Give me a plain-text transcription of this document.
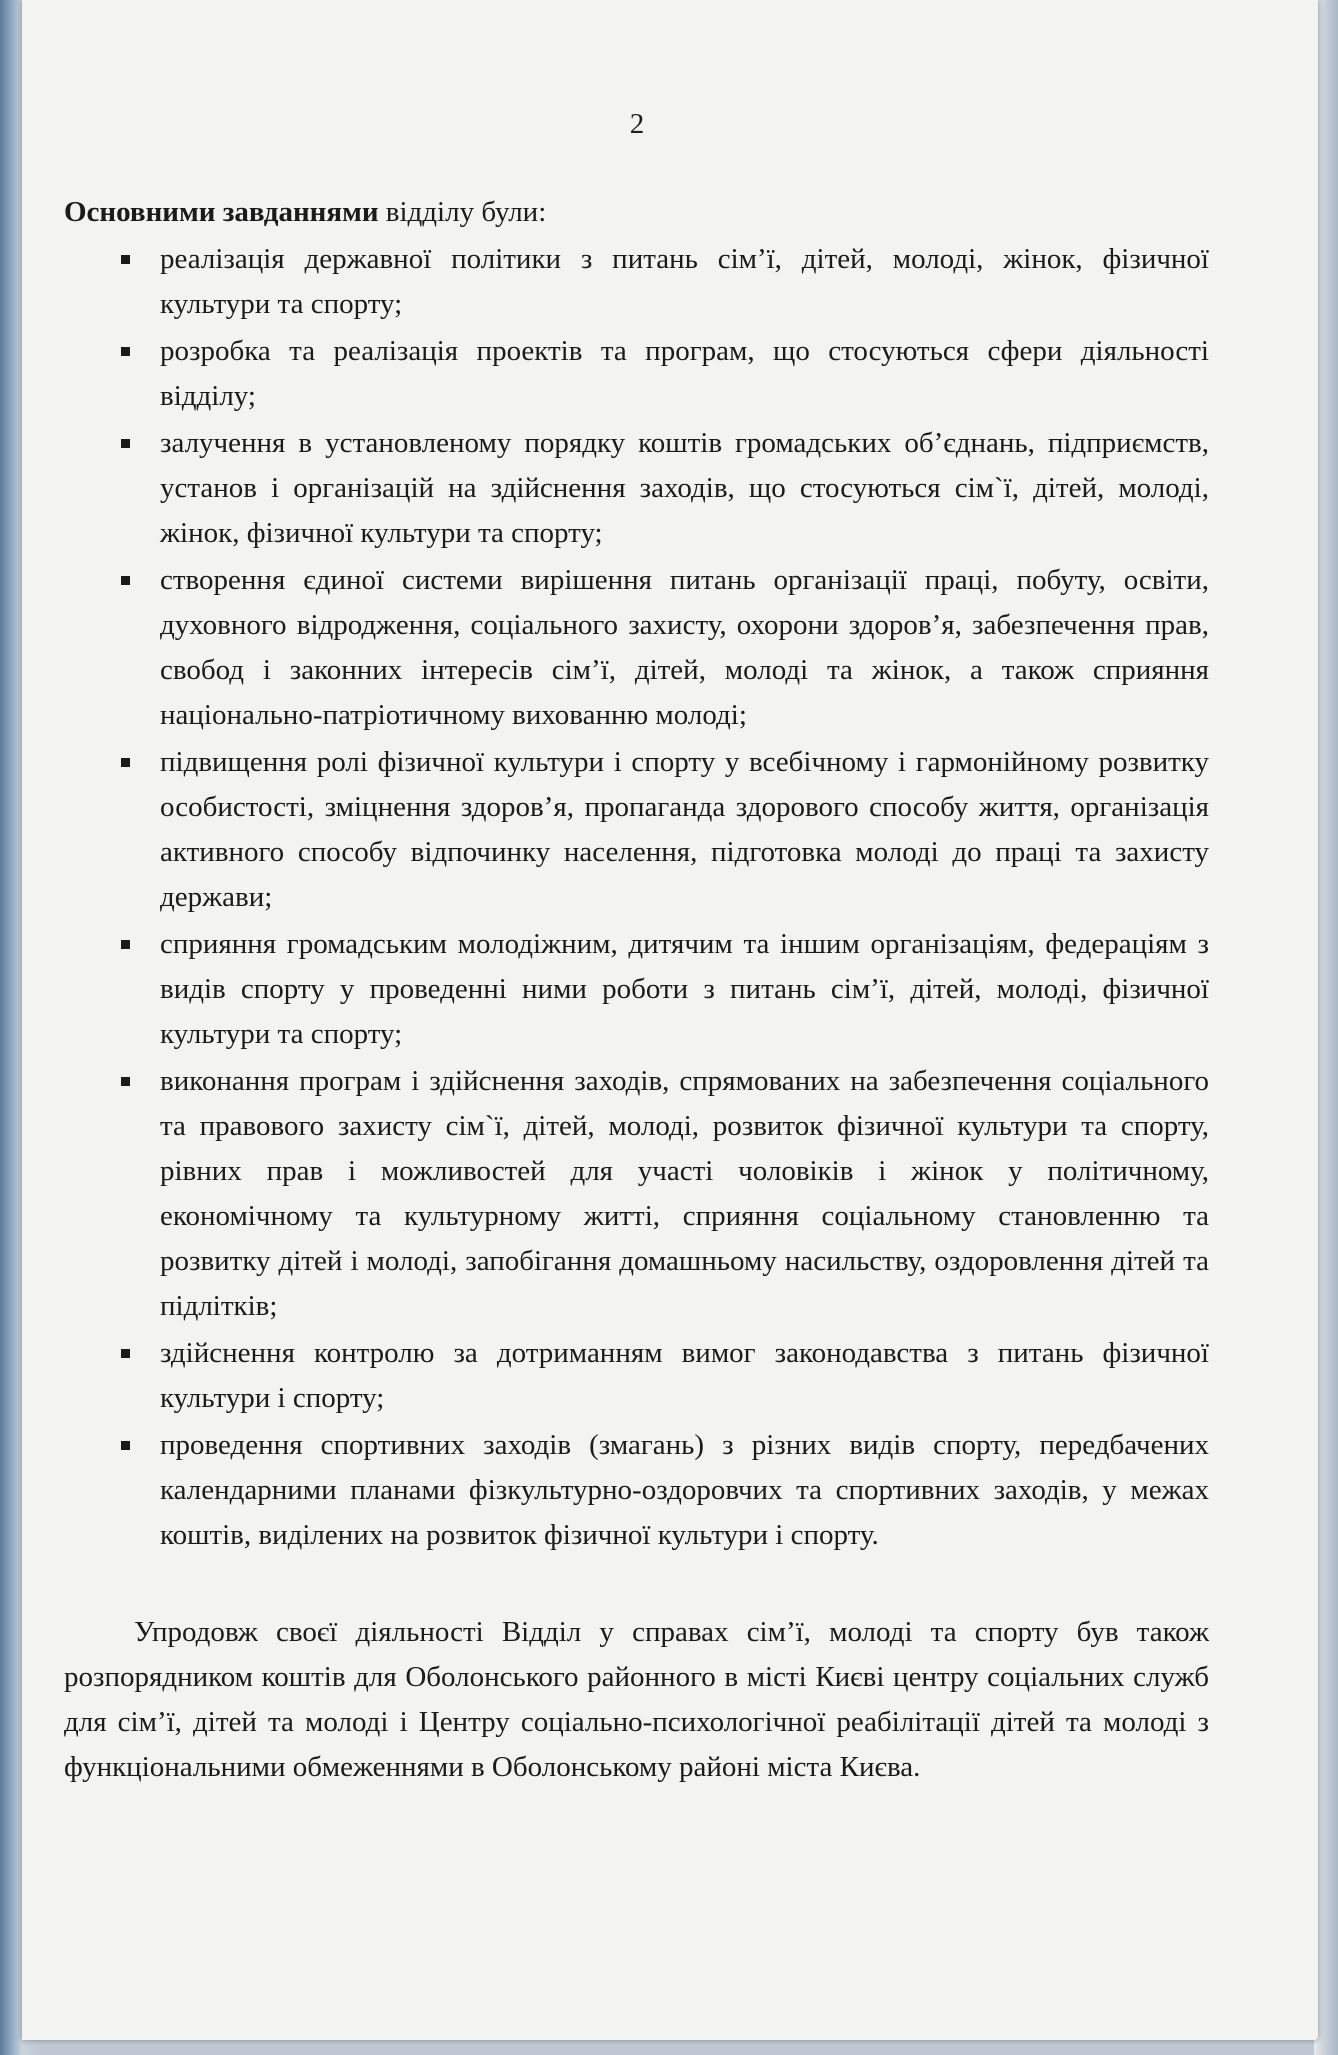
2

Основними завданнями відділу були:

реалізація державної політики з питань сім’ї, дітей, молоді, жінок, фізичної культури та спорту;
розробка та реалізація проектів та програм, що стосуються сфери діяльності відділу;
залучення в установленому порядку коштів громадських об’єднань, підприємств, установ і організацій на здійснення заходів, що стосуються сім`ї, дітей, молоді, жінок, фізичної культури та спорту;
створення єдиної системи вирішення питань організації праці, побуту, освіти, духовного відродження, соціального захисту, охорони здоров’я, забезпечення прав, свобод і законних інтересів сім’ї, дітей, молоді та жінок, а також сприяння національно-патріотичному вихованню молоді;
підвищення ролі фізичної культури і спорту у всебічному і гармонійному розвитку особистості, зміцнення здоров’я, пропаганда здорового способу життя, організація активного способу відпочинку населення, підготовка молоді до праці та захисту держави;
сприяння громадським молодіжним, дитячим та іншим організаціям, федераціям з видів спорту у проведенні ними роботи з питань сім’ї, дітей, молоді, фізичної культури та спорту;
виконання програм і здійснення заходів, спрямованих на забезпечення соціального та правового захисту сім`ї, дітей, молоді, розвиток фізичної культури та спорту, рівних прав і можливостей для участі чоловіків і жінок у політичному, економічному та культурному житті, сприяння соціальному становленню та розвитку дітей і молоді, запобігання домашньому насильству, оздоровлення дітей та підлітків;
здійснення контролю за дотриманням вимог законодавства з питань фізичної культури і спорту;
проведення спортивних заходів (змагань) з різних видів спорту, передбачених календарними планами фізкультурно-оздоровчих та спортивних заходів, у межах коштів, виділених на розвиток фізичної культури і спорту.

Упродовж своєї діяльності Відділ у справах сім’ї, молоді та спорту був також розпорядником коштів для Оболонського районного в місті Києві центру соціальних служб для сім’ї, дітей та молоді і Центру соціально-психологічної реабілітації дітей та молоді з функціональними обмеженнями в Оболонському районі міста Києва.
